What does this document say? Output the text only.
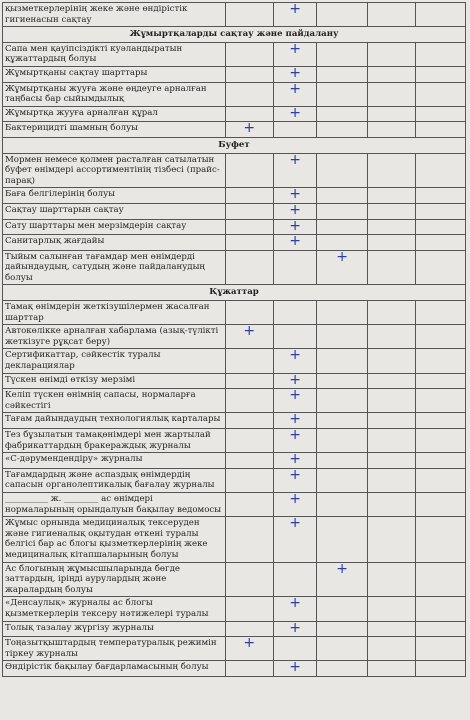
қызметкерлерінің жеке және өндірістік гигиенасын сақтау		+			
Жұмыртқаларды сақтау және пайдалану					
Сапа мен қауіпсіздікті куәландыратын құжаттардың болуы		+			
Жұмыртқаны сақтау шарттары		+			
Жұмыртқаны жууға және өңдеуге арналған таңбасы бар сыйымдылық		+			
Жұмыртқа жууға арналған құрал		+			
Бактерицидті шамның болуы	+				
Буфет					
Мормен немесе қолмен расталған сатылатын буфет өнімдері ассортиментінің тізбесі (прайс-парақ)		+			
Баға белгілерінің болуы		+			
Сақтау шарттарын сақтау		+			
Сату шарттары мен мерзімдерін сақтау		+			
Санитарлық жағдайы		+			
Тыйым салынған тағамдар мен өнімдерді дайындаудың, сатудың және пайдаланудың болуы			+		
Құжаттар					
Тамақ өнімдерін жеткізушілермен жасалған шарттар					
Автокөлікке арналған хабарлама (азық-түлікті жеткізуге рұқсат беру)	+				
Сертификаттар, сәйкестік туралы декларациялар		+			
Түскен өнімді өткізу мерзімі		+			
Келіп түскен өнімнің сапасы, нормаларға сәйкестігі		+			
Тағам дайындаудың технологиялық карталары		+			
Тез бұзылатын тамақөнімдері мен жартылай фабрикаттардың бракераждық журналы		+			
«С-дәрумендендіру» журналы		+			
Тағамдардың және аспаздық өнімдердің сапасын органолептикалық бағалау журналы		+			
__________ ж. ________ ас өнімдері нормаларының орындалуын бақылау ведомосы		+			
Жұмыс орнында медициналық тексеруден және гигиеналық оқытудан өткені туралы белгісі бар ас блогы қызметкерлерінің жеке медициналық кітапшаларының болуы		+			
Ас блогының жұмысшыларында бөгде заттардың, іріңді аурулардың және жаралардың болуы			+		
«Денсаулық» журналы ас блогы қызметкерлерін тексеру нәтижелері туралы		+			
Толық тазалау жүргізу журналы		+			
Тоңазытқыштардың температуралық режимін тіркеу журналы	+				
Өндірістік бақылау бағдарламасының болуы		+			
